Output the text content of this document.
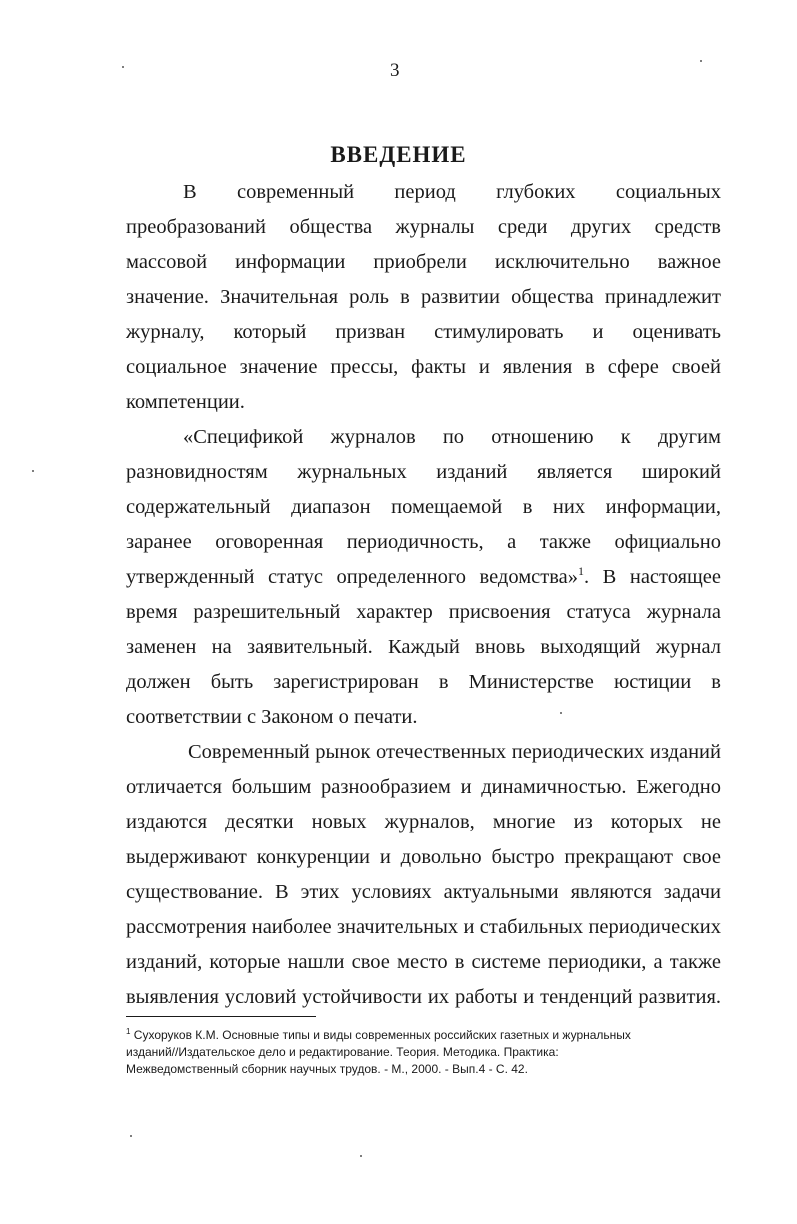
3
ВВЕДЕНИЕ
В современный период глубоких социальных
преобразований общества журналы среди других средств
массовой информации приобрели исключительно важное
значение. Значительная роль в развитии общества принадлежит
журналу, который призван стимулировать и оценивать
социальное значение прессы, факты и явления в сфере своей
компетенции.
«Спецификой журналов по отношению к другим
разновидностям журнальных изданий является широкий
содержательный диапазон помещаемой в них информации,
заранее оговоренная периодичность, а также официально
утвержденный статус определенного ведомства»$^1$. В настоящее
время разрешительный характер присвоения статуса журнала
заменен на заявительный. Каждый вновь выходящий журнал
должен быть зарегистрирован в Министерстве юстиции в
соответствии с Законом о печати.
Современный рынок отечественных периодических изданий
отличается большим разнообразием и динамичностью. Ежегодно
издаются десятки новых журналов, многие из которых не
выдерживают конкуренции и довольно быстро прекращают свое
существование. В этих условиях актуальными являются задачи
рассмотрения наиболее значительных и стабильных периодических
изданий, которые нашли свое место в системе периодики, а также
выявления условий устойчивости их работы и тенденций развития.
$^1$ Сухоруков К.М. Основные типы и виды современных российских газетных и журнальных
изданий//Издательское дело и редактирование. Теория. Методика. Практика:
Межведомственный сборник научных трудов. - М., 2000. - Вып.4 - С. 42.
